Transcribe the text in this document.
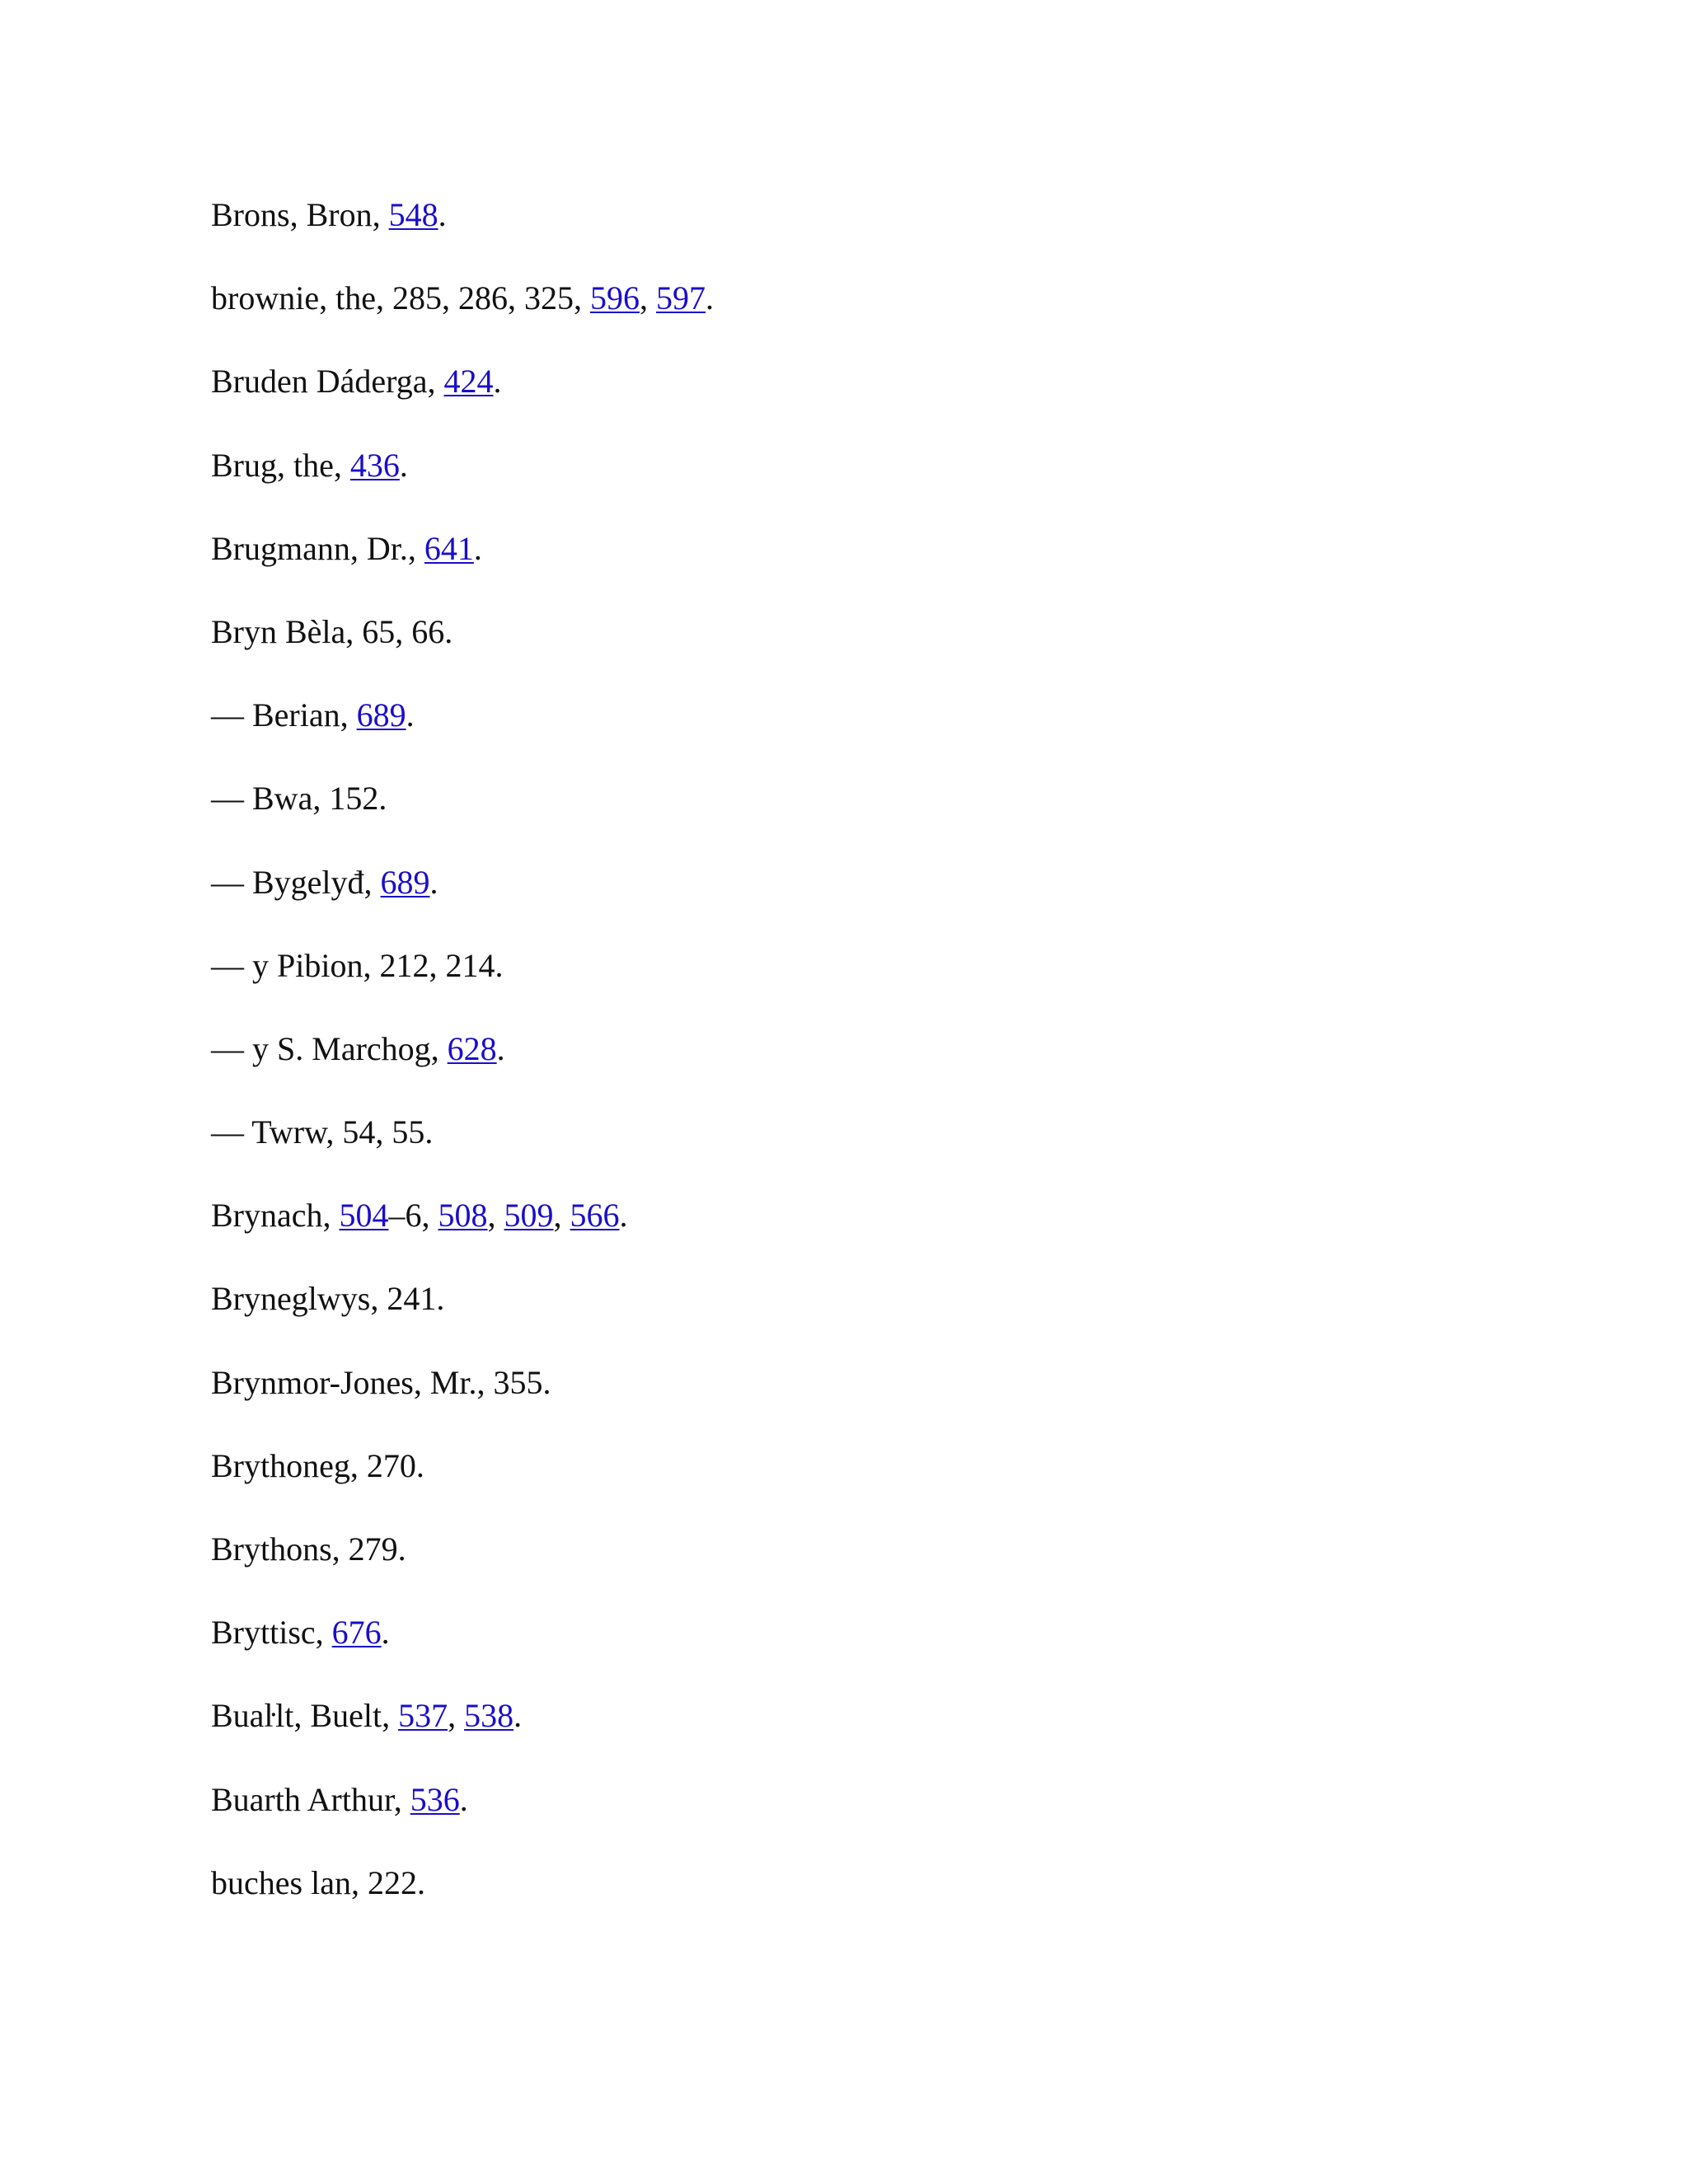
Brons, Bron, 548.
brownie, the, 285, 286, 325, 596, 597.
Bruden Dáderga, 424.
Brug, the, 436.
Brugmann, Dr., 641.
Bryn Bèla, 65, 66.
— Berian, 689.
— Bwa, 152.
— Bygelyđ, 689.
— y Pibion, 212, 214.
— y S. Marchog, 628.
— Twrw, 54, 55.
Brynach, 504–6, 508, 509, 566.
Bryneglwys, 241.
Brynmor-Jones, Mr., 355.
Brythoneg, 270.
Brythons, 279.
Bryttisc, 676.
Buaŀlt, Buelt, 537, 538.
Buarth Arthur, 536.
buches lan, 222.
